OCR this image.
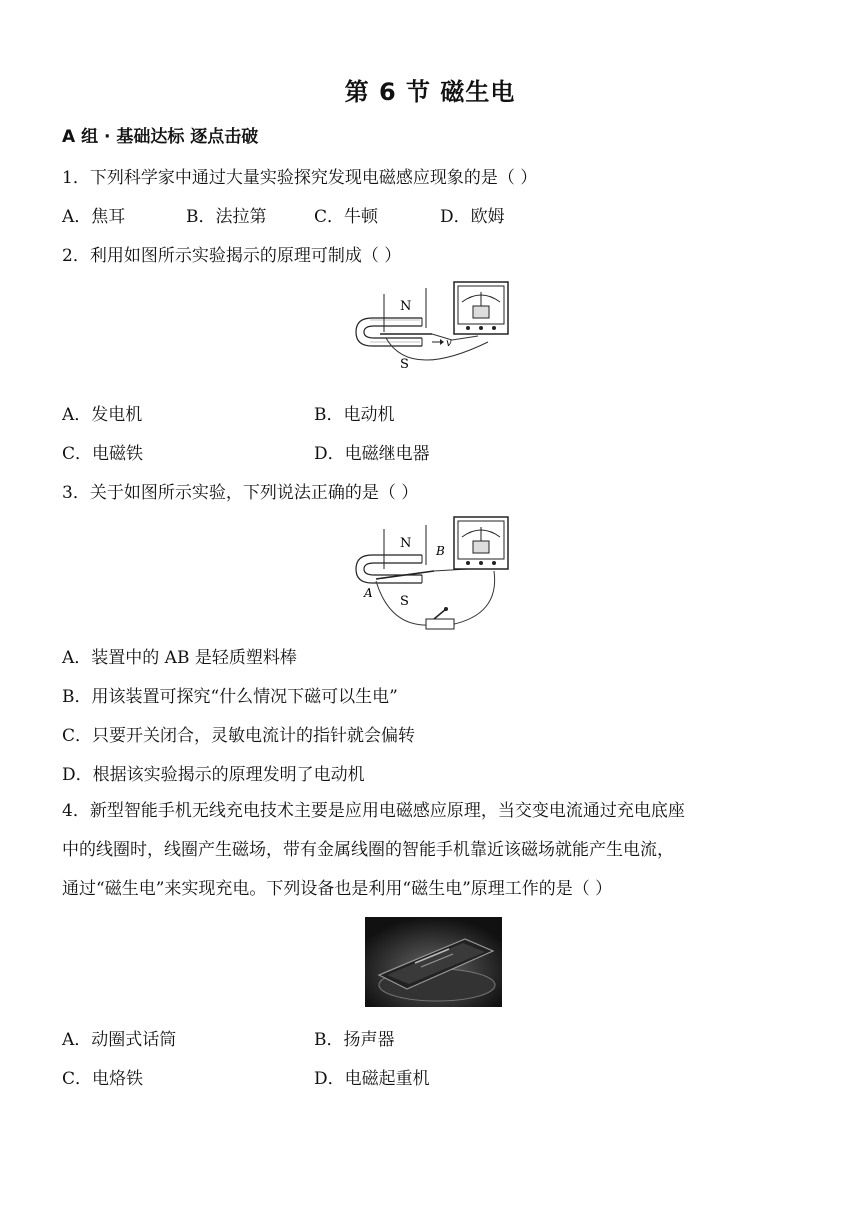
第 6 节 磁生电
A 组 · 基础达标 逐点击破
1．下列科学家中通过大量实验探究发现电磁感应现象的是（ ）
A．焦耳	B．法拉第	C．牛顿	D．欧姆
2．利用如图所示实验揭示的原理可制成（ ）
v
N
S
A．发电机	B．电动机
C．电磁铁	D．电磁继电器
3．关于如图所示实验，下列说法正确的是（ ）
N
S
A
B
A．装置中的 AB 是轻质塑料棒
B．用该装置可探究“什么情况下磁可以生电”
C．只要开关闭合，灵敏电流计的指针就会偏转
D．根据该实验揭示的原理发明了电动机
4．新型智能手机无线充电技术主要是应用电磁感应原理，当交变电流通过充电底座
中的线圈时，线圈产生磁场，带有金属线圈的智能手机靠近该磁场就能产生电流，
通过“磁生电”来实现充电。下列设备也是利用“磁生电”原理工作的是（ ）
A．动圈式话筒	B．扬声器
C．电烙铁	D．电磁起重机
